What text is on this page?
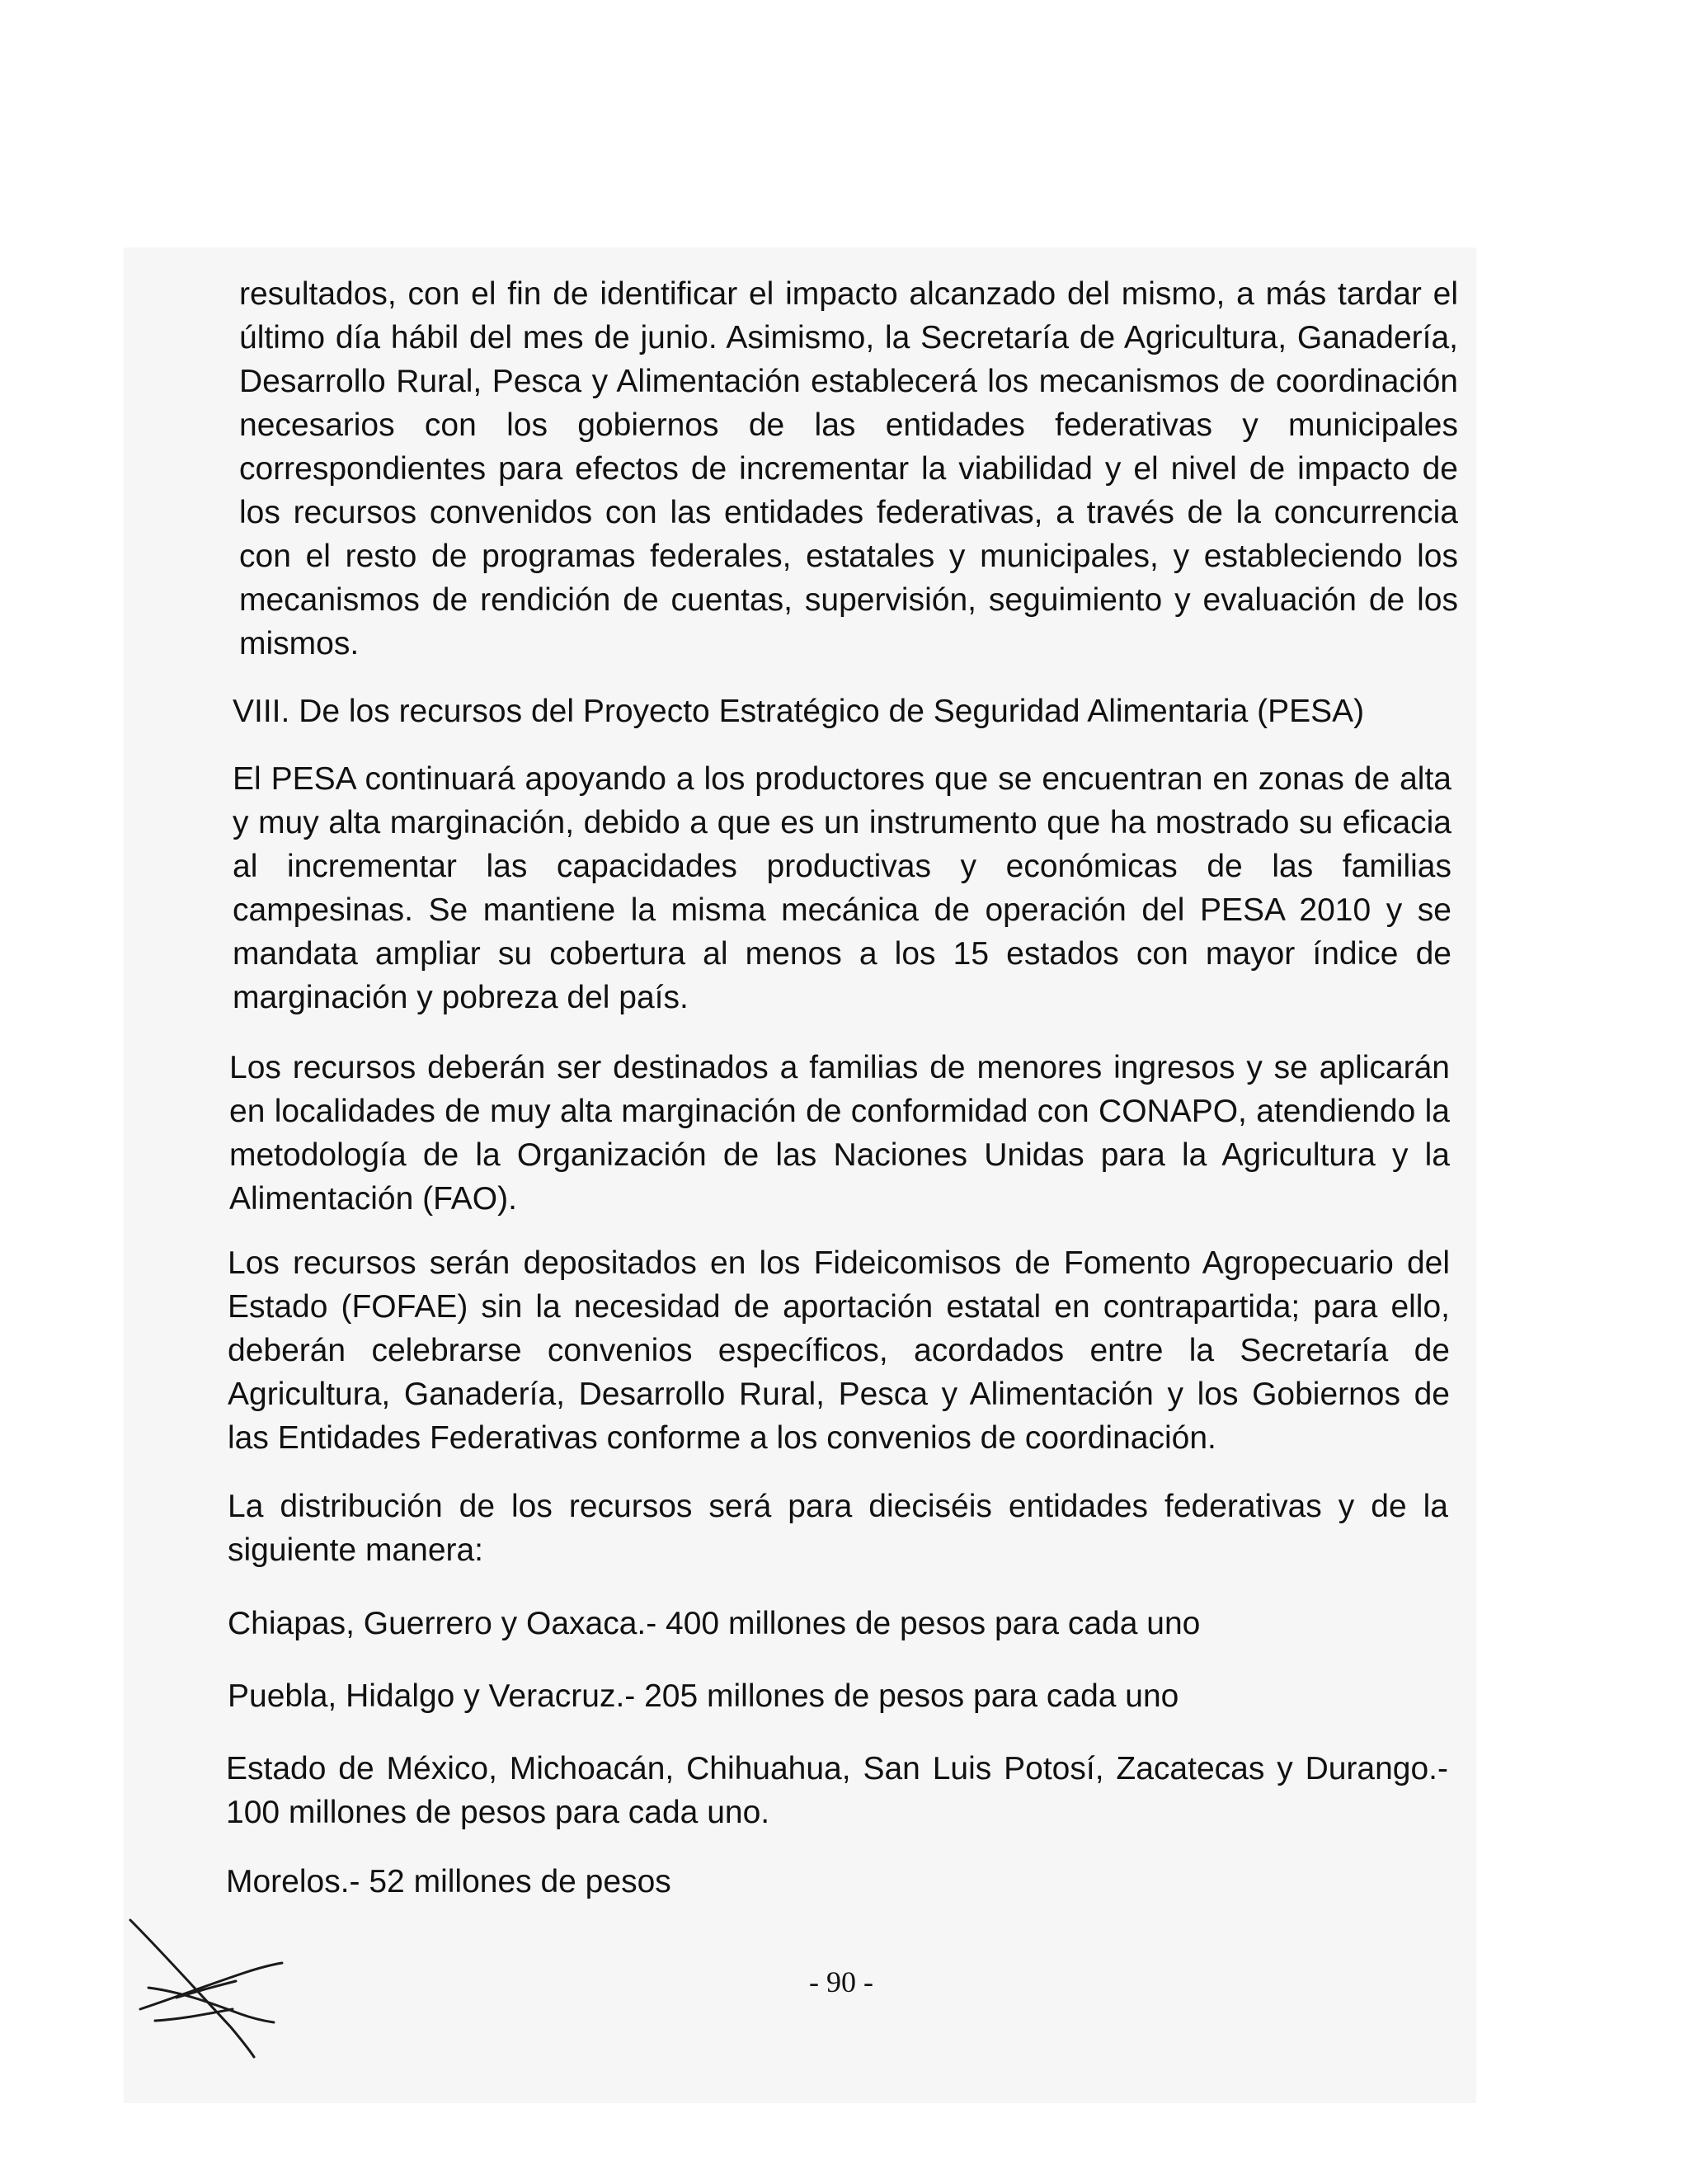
resultados, con el fin de identificar el impacto alcanzado del mismo, a más tardar el último día hábil del mes de junio. Asimismo, la Secretaría de Agricultura, Ganadería, Desarrollo Rural, Pesca y Alimentación establecerá los mecanismos de coordinación necesarios con los gobiernos de las entidades federativas y municipales correspondientes para efectos de incrementar la viabilidad y el nivel de impacto de los recursos convenidos con las entidades federativas, a través de la concurrencia con el resto de programas federales, estatales y municipales, y estableciendo los mecanismos de rendición de cuentas, supervisión, seguimiento y evaluación de los mismos.

VIII. De los recursos del Proyecto Estratégico de Seguridad Alimentaria (PESA)

El PESA continuará apoyando a los productores que se encuentran en zonas de alta y muy alta marginación, debido a que es un instrumento que ha mostrado su eficacia al incrementar las capacidades productivas y económicas de las familias campesinas. Se mantiene la misma mecánica de operación del PESA 2010 y se mandata ampliar su cobertura al menos a los 15 estados con mayor índice de marginación y pobreza del país.

Los recursos deberán ser destinados a familias de menores ingresos y se aplicarán en localidades de muy alta marginación de conformidad con CONAPO, atendiendo la metodología de la Organización de las Naciones Unidas para la Agricultura y la Alimentación (FAO).

Los recursos serán depositados en los Fideicomisos de Fomento Agropecuario del Estado (FOFAE) sin la necesidad de aportación estatal en contrapartida; para ello, deberán celebrarse convenios específicos, acordados entre la Secretaría de Agricultura, Ganadería, Desarrollo Rural, Pesca y Alimentación y los Gobiernos de las Entidades Federativas conforme a los convenios de coordinación.

La distribución de los recursos será para dieciséis entidades federativas y de la siguiente manera:

Chiapas, Guerrero y Oaxaca.- 400 millones de pesos para cada uno

Puebla, Hidalgo y Veracruz.- 205 millones de pesos para cada uno

Estado de México, Michoacán, Chihuahua, San Luis Potosí, Zacatecas y Durango.- 100 millones de pesos para cada uno.

Morelos.- 52 millones de pesos

- 90 -
